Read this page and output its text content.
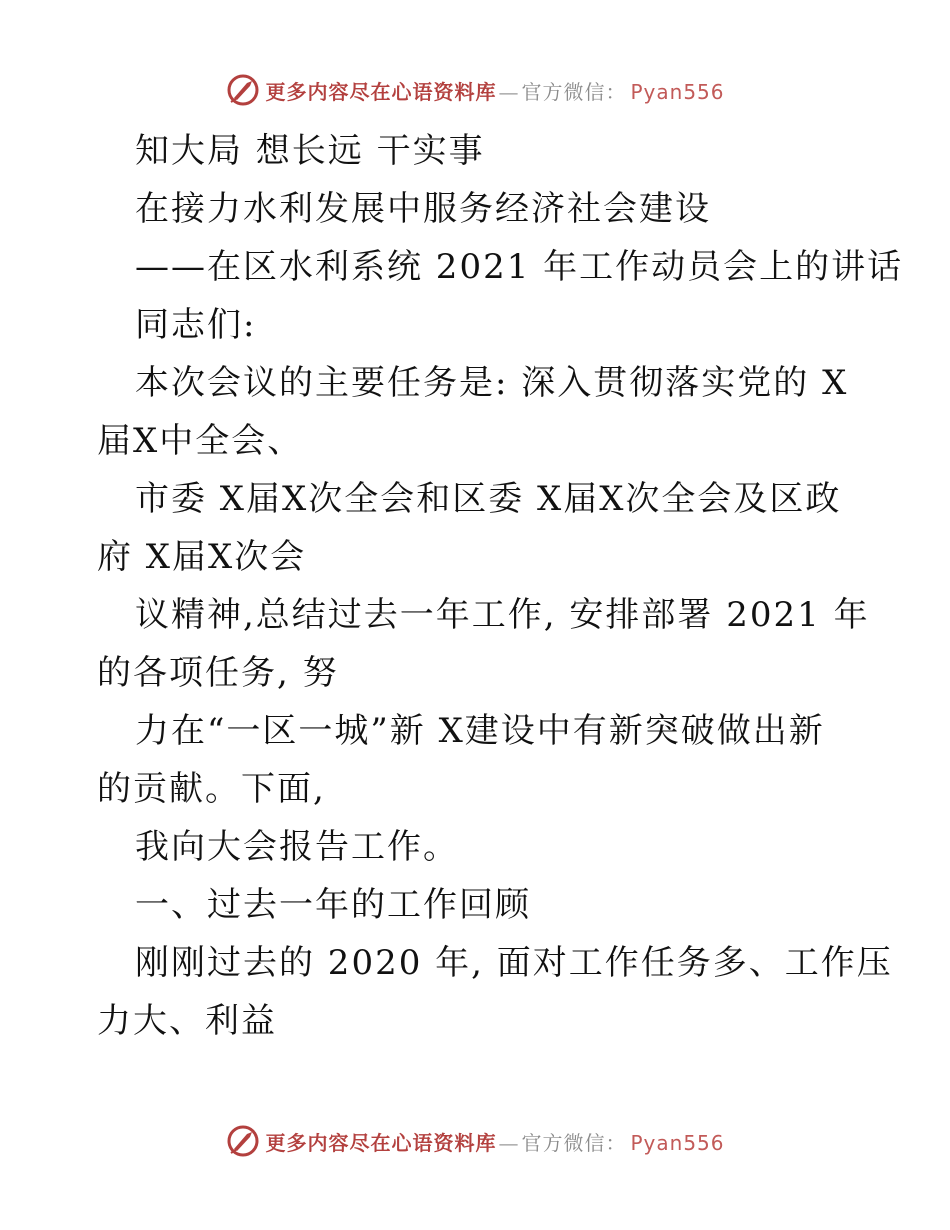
更多内容尽在心语资料库 — 官方微信： Pyan556
知大局 想长远 干实事
在接力水利发展中服务经济社会建设
——在区水利系统 2021 年工作动员会上的讲话
同志们:
本次会议的主要任务是: 深入贯彻落实党的 X
届X中全会、
市委 X届X次全会和区委 X届X次全会及区政
府 X届X次会
议精神,总结过去一年工作, 安排部署 2021 年
的各项任务, 努
力在“一区一城”新 X建设中有新突破做出新
的贡献。下面,
我向大会报告工作。
一、过去一年的工作回顾
刚刚过去的 2020 年, 面对工作任务多、工作压
力大、利益
更多内容尽在心语资料库 — 官方微信： Pyan556
